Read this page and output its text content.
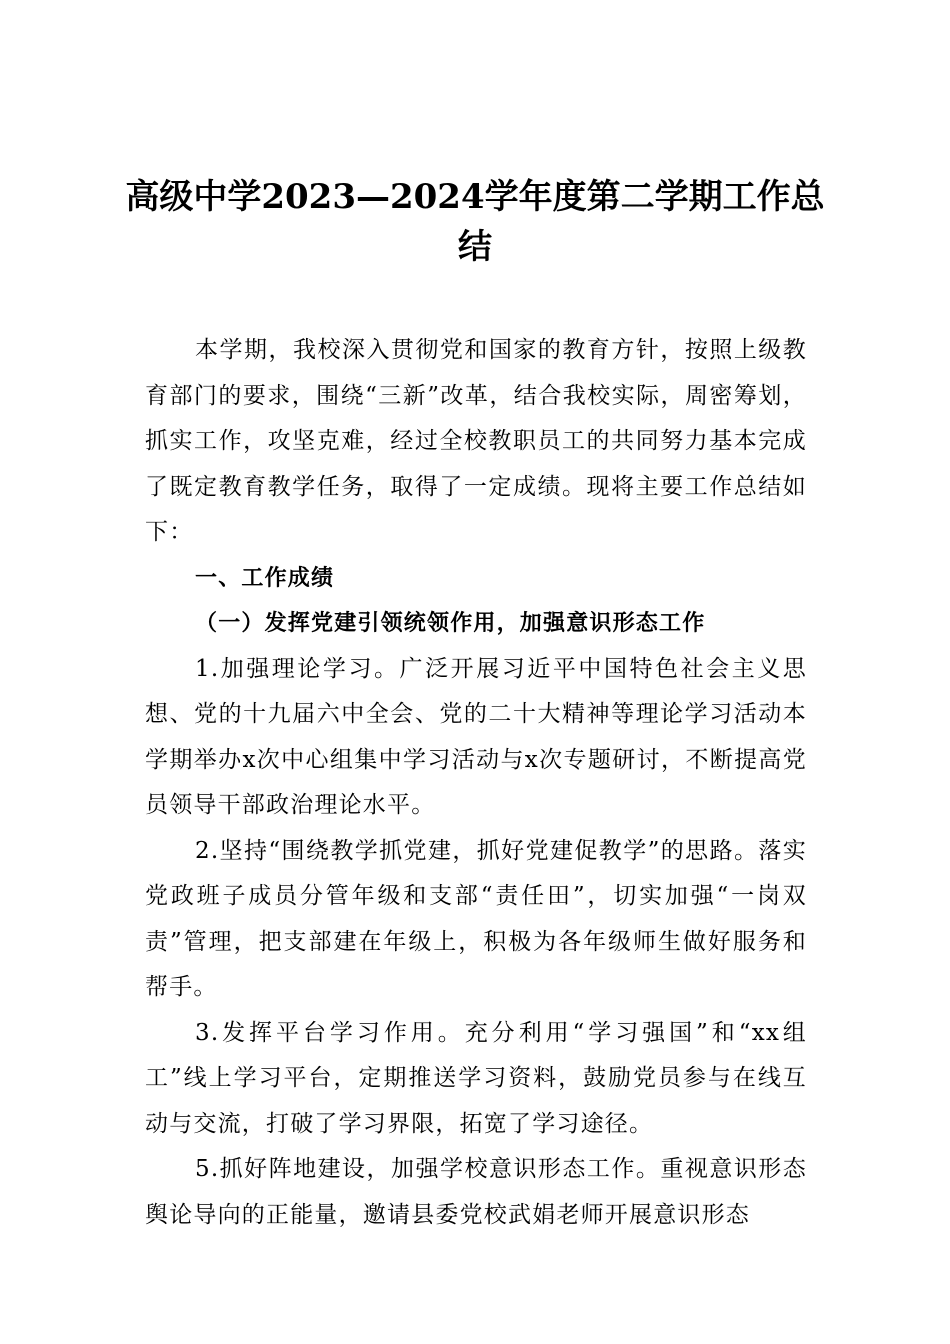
高级中学2023—2024学年度第二学期工作总结

本学期，我校深入贯彻党和国家的教育方针，按照上级教育部门的要求，围绕“三新”改革，结合我校实际，周密筹划，抓实工作，攻坚克难，经过全校教职员工的共同努力基本完成了既定教育教学任务，取得了一定成绩。现将主要工作总结如下：

一、工作成绩

（一）发挥党建引领统领作用，加强意识形态工作

1.加强理论学习。广泛开展习近平中国特色社会主义思想、党的十九届六中全会、党的二十大精神等理论学习活动本学期举办x次中心组集中学习活动与x次专题研讨，不断提高党员领导干部政治理论水平。

2.坚持“围绕教学抓党建，抓好党建促教学”的思路。落实党政班子成员分管年级和支部“责任田”，切实加强“一岗双责”管理，把支部建在年级上，积极为各年级师生做好服务和帮手。

3.发挥平台学习作用。充分利用“学习强国”和“xx组工”线上学习平台，定期推送学习资料，鼓励党员参与在线互动与交流，打破了学习界限，拓宽了学习途径。

5.抓好阵地建设，加强学校意识形态工作。重视意识形态舆论导向的正能量，邀请县委党校武娟老师开展意识形态
